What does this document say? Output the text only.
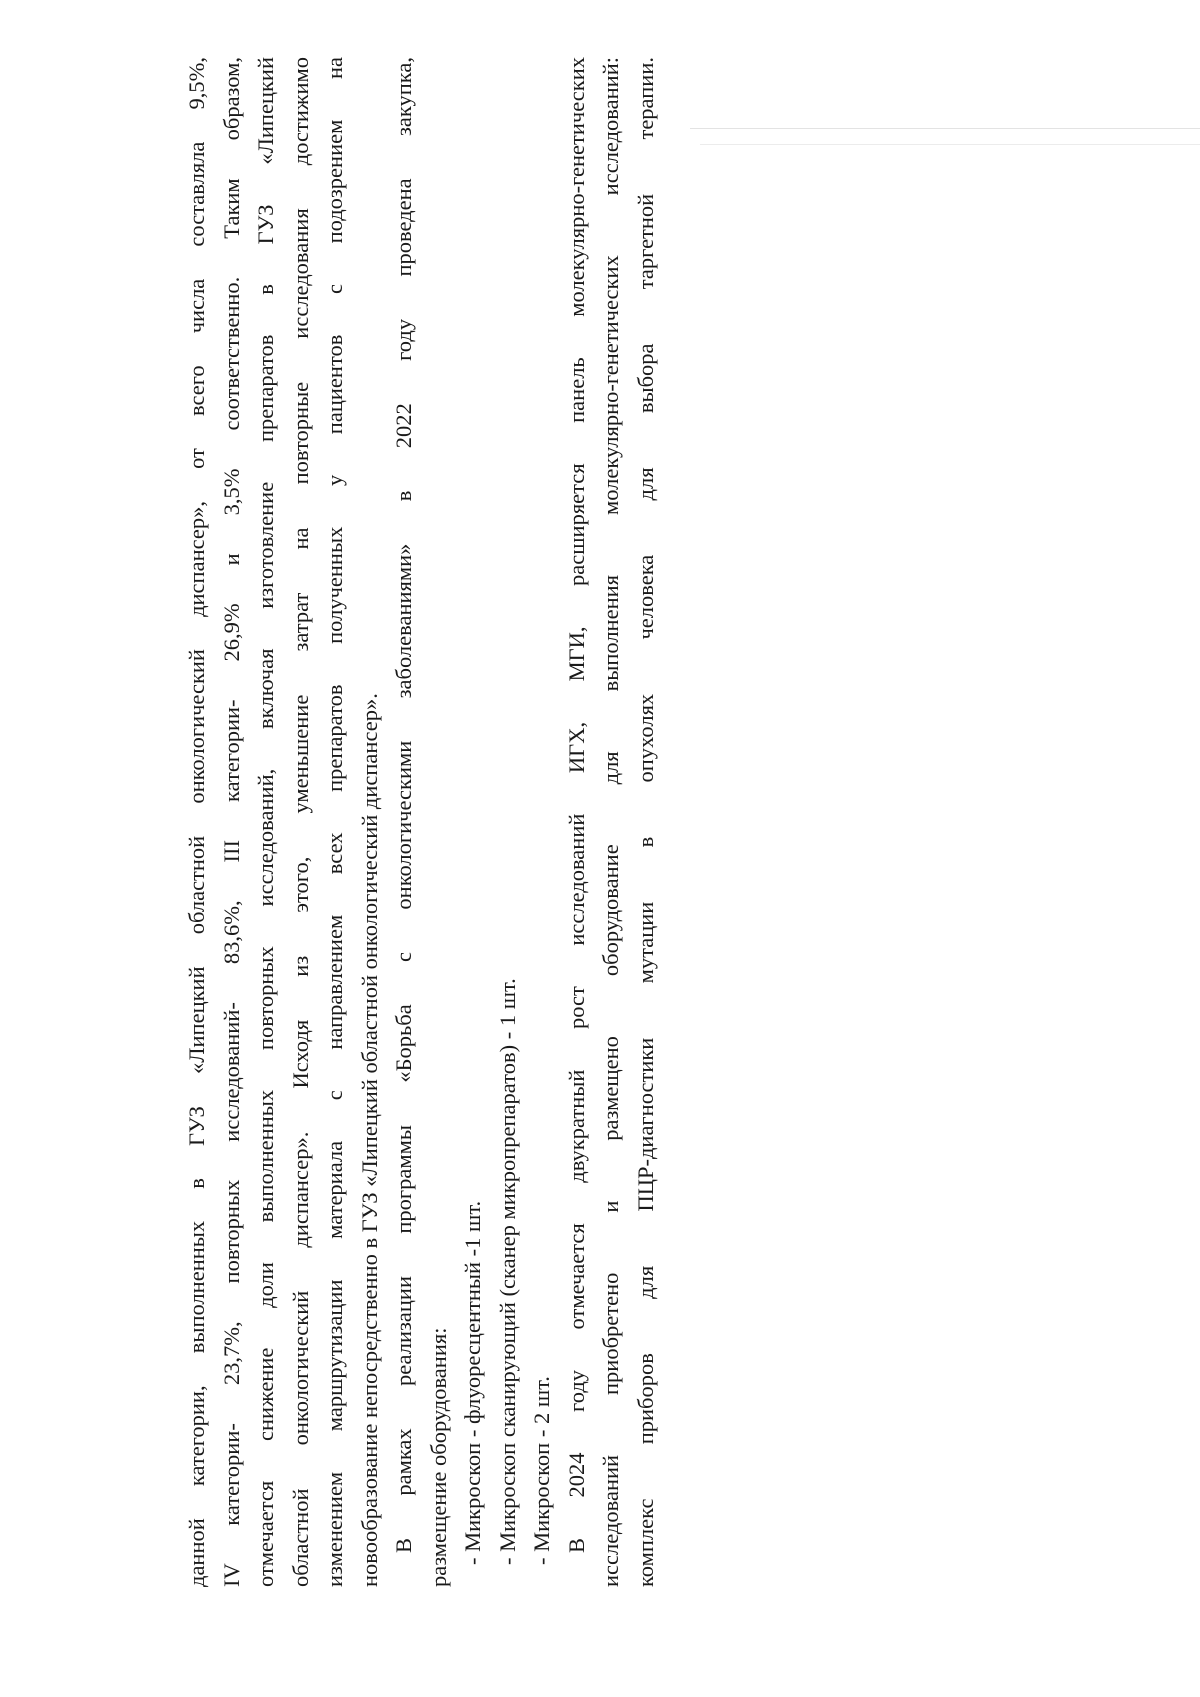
данной категории, выполненных в ГУЗ «Липецкий областной онкологический диспансер», от всего числа составляла 9,5%, IV категории- 23,7%, повторных исследований- 83,6%, III категории- 26,9% и 3,5% соответственно. Таким образом, отмечается снижение доли выполненных повторных исследований, включая изготовление препаратов в ГУЗ «Липецкий областной онкологический диспансер». Исходя из этого, уменьшение затрат на повторные исследования достижимо изменением маршрутизации материала с направлением всех препаратов полученных у пациентов с подозрением на новообразование непосредственно в ГУЗ «Липецкий областной онкологический диспансер». В рамках реализации программы «Борьба с онкологическими заболеваниями» в 2022 году проведена закупка, размещение оборудования: - Микроскоп - флуоресцентный -1 шт. - Микроскоп сканирующий (сканер микропрепаратов) - 1 шт. - Микроскоп - 2 шт. В 2024 году отмечается двукратный рост исследований ИГХ, МГИ, расширяется панель молекулярно-генетических исследований приобретено и размещено оборудование для выполнения молекулярно-генетических исследований: комплекс приборов для ПЦР-диагностики мутации в опухолях человека для выбора таргетной терапии.
